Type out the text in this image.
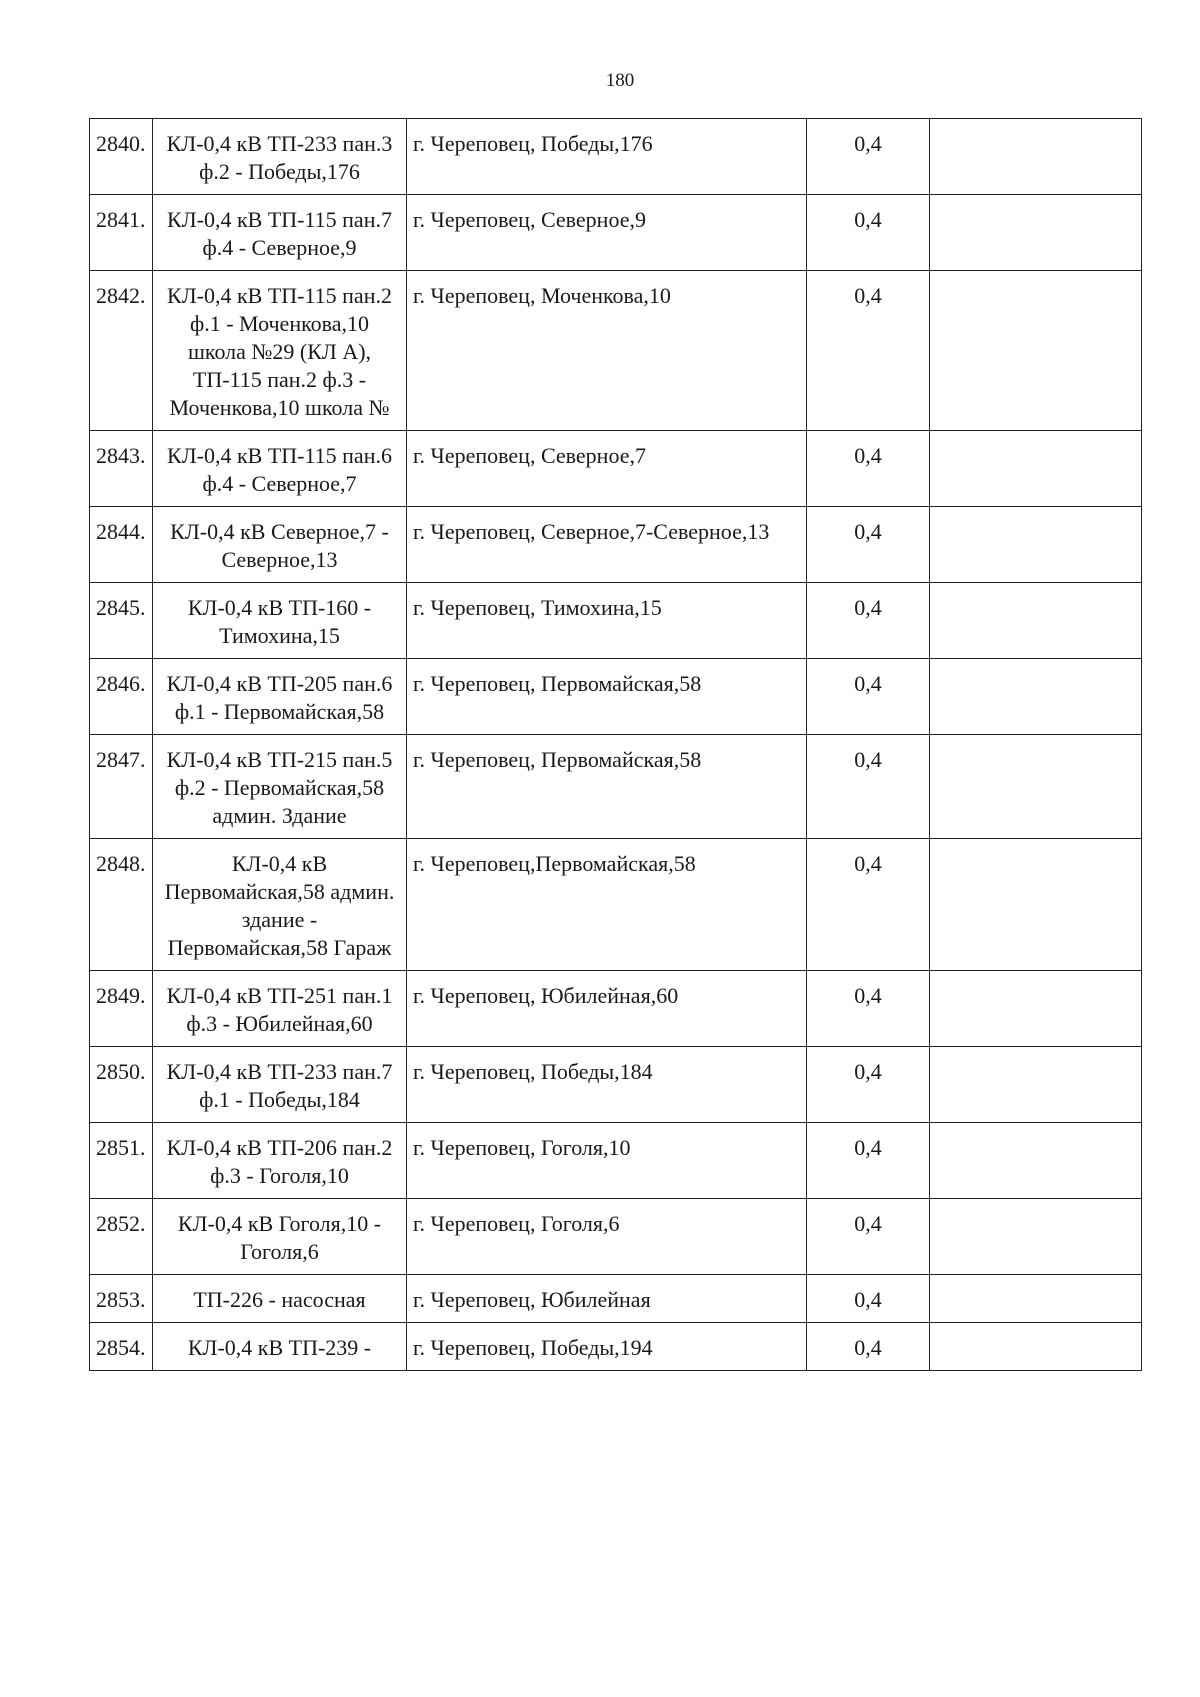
180
2840.	КЛ-0,4 кВ ТП-233 пан.3 ф.2 - Победы,176	г. Череповец, Победы,176	0,4	
2841.	КЛ-0,4 кВ ТП-115 пан.7 ф.4 - Северное,9	г. Череповец, Северное,9	0,4	
2842.	КЛ-0,4 кВ ТП-115 пан.2 ф.1 - Моченкова,10 школа №29 (КЛ А), ТП-115 пан.2 ф.3 - Моченкова,10 школа №	г. Череповец, Моченкова,10	0,4	
2843.	КЛ-0,4 кВ ТП-115 пан.6 ф.4 - Северное,7	г. Череповец, Северное,7	0,4	
2844.	КЛ-0,4 кВ Северное,7 - Северное,13	г. Череповец, Северное,7-Северное,13	0,4	
2845.	КЛ-0,4 кВ ТП-160 - Тимохина,15	г. Череповец, Тимохина,15	0,4	
2846.	КЛ-0,4 кВ ТП-205 пан.6 ф.1 - Первомайская,58	г. Череповец, Первомайская,58	0,4	
2847.	КЛ-0,4 кВ ТП-215 пан.5 ф.2 - Первомайская,58 админ. Здание	г. Череповец, Первомайская,58	0,4	
2848.	КЛ-0,4 кВ Первомайская,58 админ. здание - Первомайская,58 Гараж	г. Череповец,Первомайская,58	0,4	
2849.	КЛ-0,4 кВ ТП-251 пан.1 ф.3 - Юбилейная,60	г. Череповец, Юбилейная,60	0,4	
2850.	КЛ-0,4 кВ ТП-233 пан.7 ф.1 - Победы,184	г. Череповец, Победы,184	0,4	
2851.	КЛ-0,4 кВ ТП-206 пан.2 ф.3 - Гоголя,10	г. Череповец, Гоголя,10	0,4	
2852.	КЛ-0,4 кВ Гоголя,10 - Гоголя,6	г. Череповец, Гоголя,6	0,4	
2853.	ТП-226 - насосная	г. Череповец, Юбилейная	0,4	
2854.	КЛ-0,4 кВ ТП-239 -	г. Череповец, Победы,194	0,4	
